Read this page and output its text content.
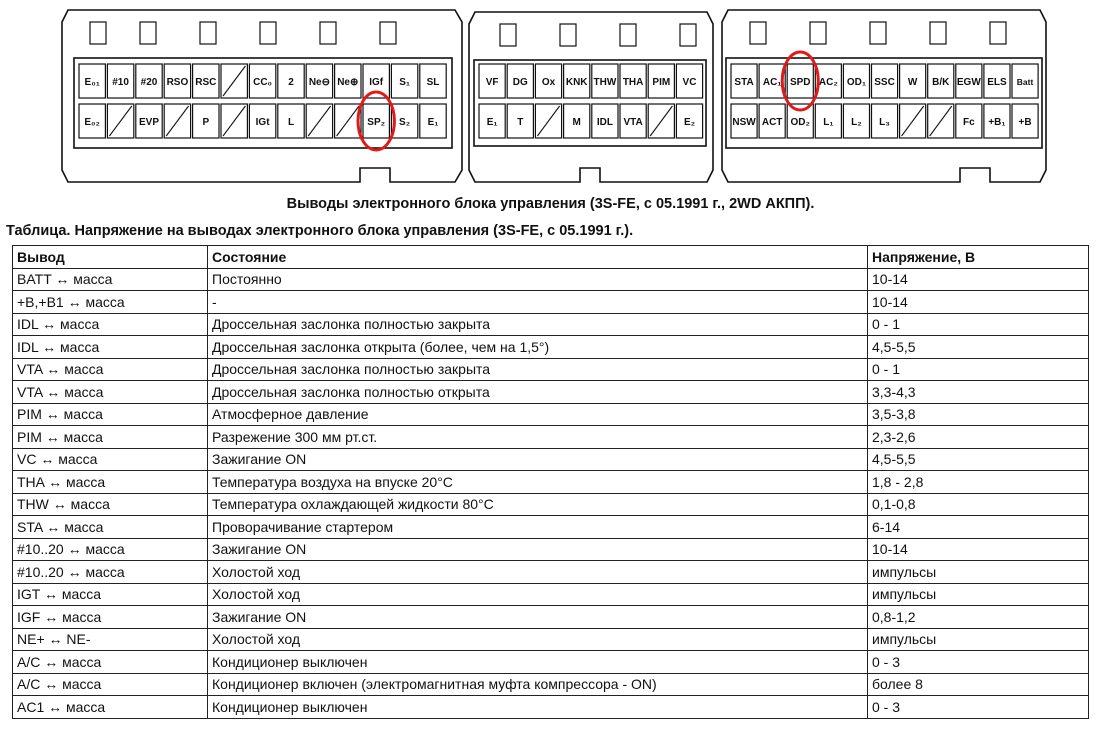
E₀₁ #10 #20 RSO RSC	CC₀ 2 Ne⊖ Ne⊕ IGf S₁ SL
E₀₂	EVP	P	IGt L	SP₂ S₂ E₁
VF DG Ox KNK THW THA PIM VC
E₁ T	M IDL VTA	E₂
STA AC₁ SPD AC₂ OD₁ SSC W B/K EGW ELS Batt
NSW ACT OD₂ L₁ L₂ L₃	Fc +B₁ +B
Выводы электронного блока управления (3S-FE, с 05.1991 г., 2WD АКПП).
Таблица. Напряжение на выводах электронного блока управления (3S-FE, с 05.1991 г.).
Вывод	Состояние	Напряжение, В
BATT ↔ масса	Постоянно	10-14
+B,+B1 ↔ масса	-	10-14
IDL ↔ масса	Дроссельная заслонка полностью закрыта	0 - 1
IDL ↔ масса	Дроссельная заслонка открыта (более, чем на 1,5°)	4,5-5,5
VTA ↔ масса	Дроссельная заслонка полностью закрыта	0 - 1
VTA ↔ масса	Дроссельная заслонка полностью открыта	3,3-4,3
PIM ↔ масса	Атмосферное давление	3,5-3,8
PIM ↔ масса	Разрежение 300 мм рт.ст.	2,3-2,6
VC ↔ масса	Зажигание ON	4,5-5,5
THA ↔ масса	Температура воздуха на впуске 20°C	1,8 - 2,8
THW ↔ масса	Температура охлаждающей жидкости 80°C	0,1-0,8
STA ↔ масса	Проворачивание стартером	6-14
#10..20 ↔ масса	Зажигание ON	10-14
#10..20 ↔ масса	Холостой ход	импульсы
IGT ↔ масса	Холостой ход	импульсы
IGF ↔ масса	Зажигание ON	0,8-1,2
NE+ ↔ NE-	Холостой ход	импульсы
A/C ↔ масса	Кондиционер выключен	0 - 3
A/C ↔ масса	Кондиционер включен (электромагнитная муфта компрессора - ON)	более 8
AC1 ↔ масса	Кондиционер выключен	0 - 3
